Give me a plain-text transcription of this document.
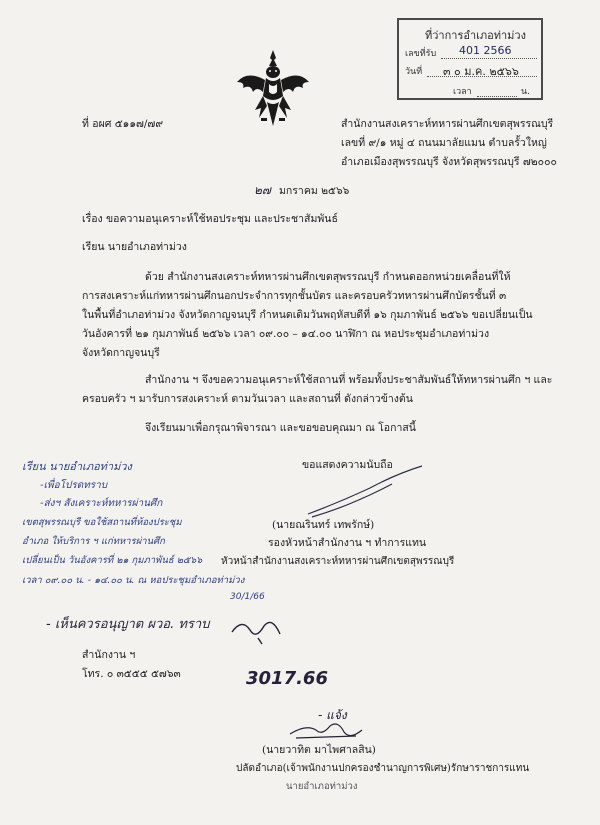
ที่ว่าการอำเภอท่าม่วง
เลขที่รับ 401 2566
วันที่ ๓ ๐ ม.ค. ๒๕๖๖
เวลา	น.
ที่ อผศ ๕๑๑๗/๗๙	สำนักงานสงเคราะห์ทหารผ่านศึกเขตสุพรรณบุรี
เลขที่ ๙/๑ หมู่ ๔ ถนนมาลัยแมน ตำบลรั้วใหญ่
อำเภอเมืองสุพรรณบุรี จังหวัดสุพรรณบุรี ๗๒๐๐๐
๒๗ มกราคม ๒๕๖๖
เรื่อง ขอความอนุเคราะห์ใช้หอประชุม และประชาสัมพันธ์
เรียน นายอำเภอท่าม่วง
ด้วย สำนักงานสงเคราะห์ทหารผ่านศึกเขตสุพรรณบุรี กำหนดออกหน่วยเคลื่อนที่ให้
การสงเคราะห์แก่ทหารผ่านศึกนอกประจำการทุกชั้นบัตร และครอบครัวทหารผ่านศึกบัตรชั้นที่ ๓
ในพื้นที่อำเภอท่าม่วง จังหวัดกาญจนบุรี กำหนดเดิมวันพฤหัสบดีที่ ๑๖ กุมภาพันธ์ ๒๕๖๖ ขอเปลี่ยนเป็น
วันอังคารที่ ๒๑ กุมภาพันธ์ ๒๕๖๖ เวลา ๐๙.๐๐ – ๑๔.๐๐ นาฬิกา ณ หอประชุมอำเภอท่าม่วง
จังหวัดกาญจนบุรี
สำนักงาน ฯ จึงขอความอนุเคราะห์ใช้สถานที่ พร้อมทั้งประชาสัมพันธ์ให้ทหารผ่านศึก ฯ และ
ครอบครัว ฯ มารับการสงเคราะห์ ตามวันเวลา และสถานที่ ดังกล่าวข้างต้น
จึงเรียนมาเพื่อกรุณาพิจารณา และขอขอบคุณมา ณ โอกาสนี้
ขอแสดงความนับถือ
(นายณรินทร์ เทพรักษ์)
รองหัวหน้าสำนักงาน ฯ ทำการแทน
หัวหน้าสำนักงานสงเคราะห์ทหารผ่านศึกเขตสุพรรณบุรี
เรียน นายอำเภอท่าม่วง
-เพื่อโปรดทราบ
-ส่งฯ สังเคราะห์ทหารผ่านศึก
เขตสุพรรณบุรี ขอใช้สถานที่ห้องประชุม
อำเภอ ให้บริการ ฯ แก่ทหารผ่านศึก
เปลี่ยนเป็น วันอังคารที่ ๒๑ กุมภาพันธ์ ๒๕๖๖
เวลา ๐๙.๐๐ น. - ๑๔.๐๐ น. ณ หอประชุมอำเภอท่าม่วง
30/1/66
- เห็นควรอนุญาต ผวอ. ทราบ
สำนักงาน ฯ
โทร. ๐ ๓๕๕๕ ๕๗๖๓	3017.66
- แจ้ง
(นายวาทิต มาไพศาลสิน)
ปลัดอำเภอ(เจ้าพนักงานปกครองชำนาญการพิเศษ)รักษาราชการแทน
นายอำเภอท่าม่วง
